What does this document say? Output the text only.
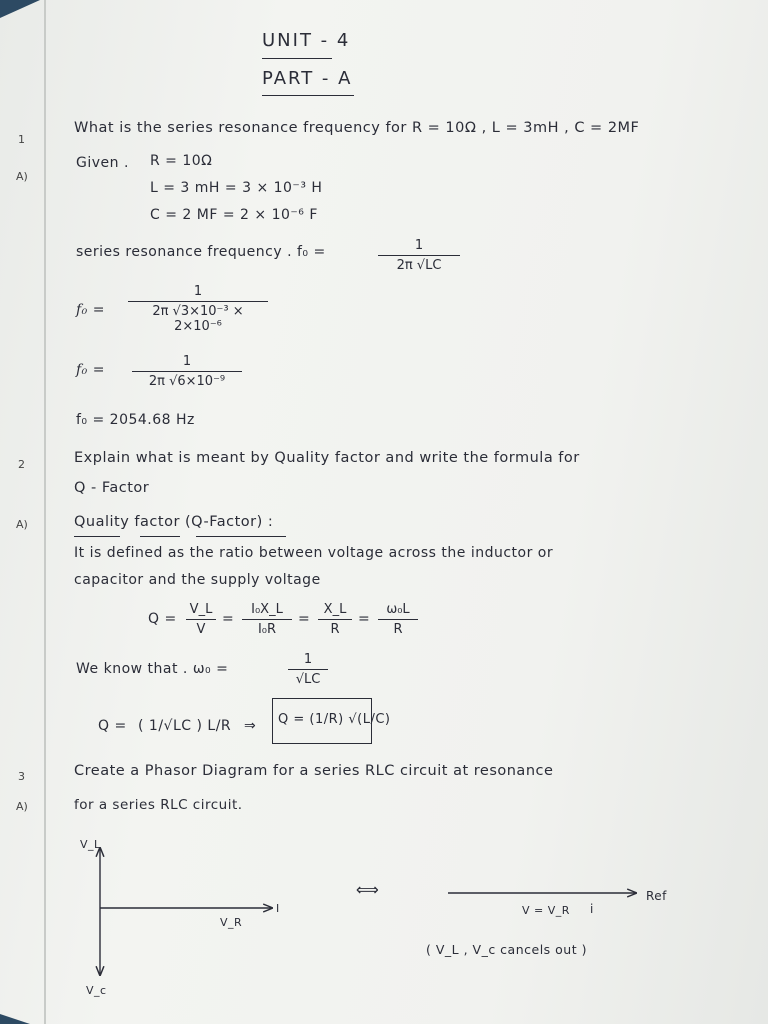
UNIT - 4
PART - A
1
A)
What is the series resonance frequency for R = 10Ω , L = 3mH , C = 2MF
Given . R = 10Ω
L = 3 mH = 3 × 10⁻³ H
C = 2 MF = 2 × 10⁻⁶ F
series resonance frequency . f₀ =	1
2π √LC
f₀ =
1
2π √3×10⁻³ × 2×10⁻⁶
f₀ =
1
2π √6×10⁻⁹
f₀ = 2054.68 Hz
2	Explain what is meant by Quality factor and write the formula for
Q - Factor
A)	Quality factor (Q-Factor) :
It is defined as the ratio between voltage across the inductor or
capacitor and the supply voltage
Q =
V_L
V
=
I₀X_L
I₀R
=
X_L
R
=
ω₀L
R
We know that . ω₀ =
1
√LC
Q = ( 1/√LC ) L/R ⇒ Q = (1/R) √(L/C)
3
A)
Create a Phasor Diagram for a series RLC circuit at resonance
for a series RLC circuit.
V_L
V_R
I
V_c
⟺	Ref
V = V_R i
( V_L , V_c cancels out )
